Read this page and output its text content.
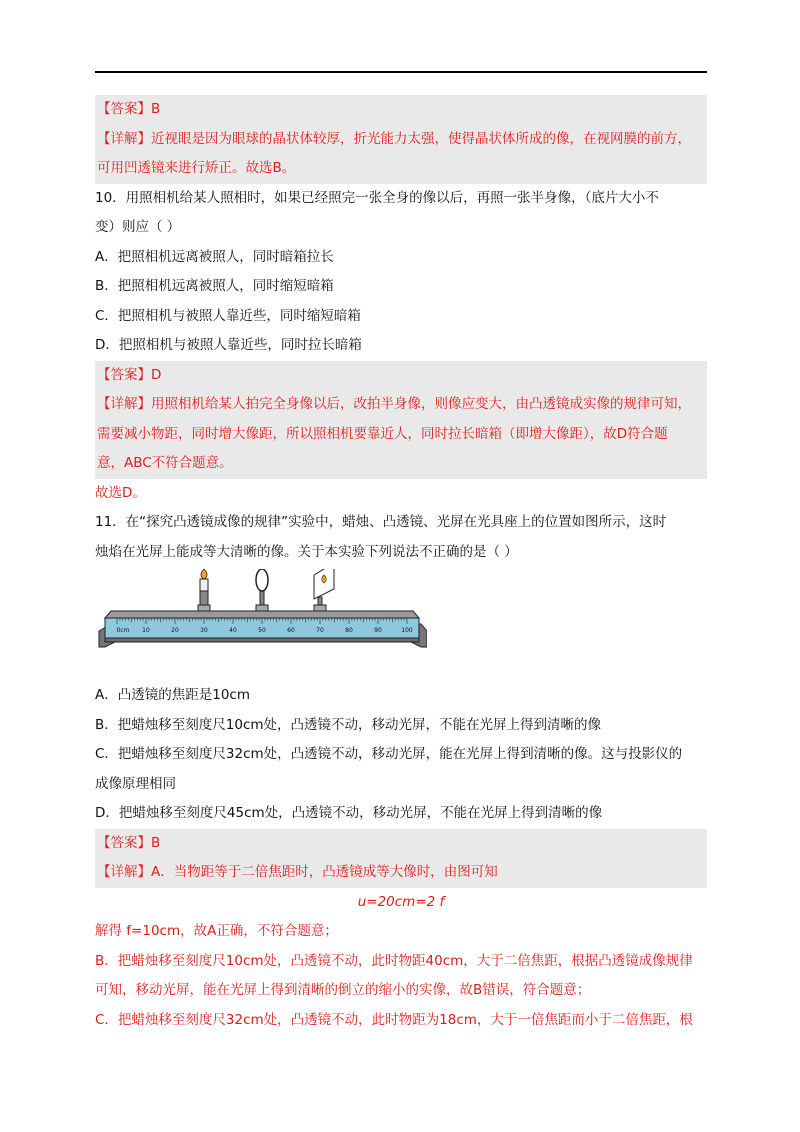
【答案】B
【详解】近视眼是因为眼球的晶状体较厚，折光能力太强，使得晶状体所成的像，在视网膜的前方，
可用凹透镜来进行矫正。故选B。
10．用照相机给某人照相时，如果已经照完一张全身的像以后，再照一张半身像，（底片大小不
变）则应（ ）
A．把照相机远离被照人，同时暗箱拉长
B．把照相机远离被照人，同时缩短暗箱
C．把照相机与被照人靠近些，同时缩短暗箱
D．把照相机与被照人靠近些，同时拉长暗箱
【答案】D
【详解】用照相机给某人拍完全身像以后，改拍半身像，则像应变大，由凸透镜成实像的规律可知，
需要减小物距，同时增大像距，所以照相机要靠近人，同时拉长暗箱（即增大像距），故D符合题
意，ABC不符合题意。
故选D。
11．在“探究凸透镜成像的规律”实验中，蜡烛、凸透镜、光屏在光具座上的位置如图所示，这时
烛焰在光屏上能成等大清晰的像。关于本实验下列说法不正确的是（ ）
0cm 10	20	30	40	50	60	70	80	90	100
A．凸透镜的焦距是10cm
B．把蜡烛移至刻度尺10cm处，凸透镜不动，移动光屏，不能在光屏上得到清晰的像
C．把蜡烛移至刻度尺32cm处，凸透镜不动，移动光屏，能在光屏上得到清晰的像。这与投影仪的
成像原理相同
D．把蜡烛移至刻度尺45cm处，凸透镜不动，移动光屏，不能在光屏上得到清晰的像
【答案】B
【详解】A．当物距等于二倍焦距时，凸透镜成等大像时，由图可知
u=20cm=2 f
解得 f=10cm，故A正确，不符合题意；
B．把蜡烛移至刻度尺10cm处，凸透镜不动，此时物距40cm，大于二倍焦距，根据凸透镜成像规律
可知，移动光屏，能在光屏上得到清晰的倒立的缩小的实像，故B错误，符合题意；
C．把蜡烛移至刻度尺32cm处，凸透镜不动，此时物距为18cm，大于一倍焦距而小于二倍焦距，根
